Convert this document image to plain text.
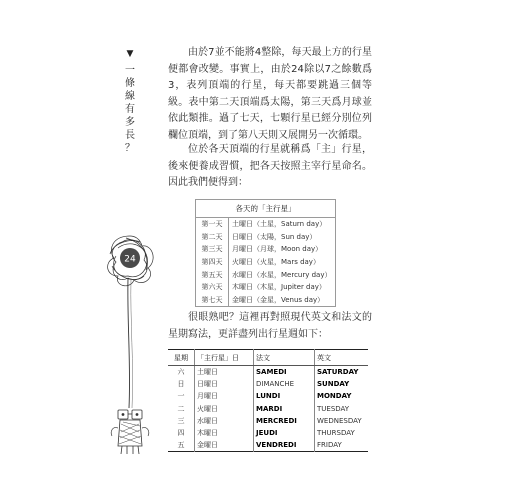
▼
一
條
線
有
多
長
？

由於7並不能將4整除，每天最上方的行星便都會改變。事實上，由於24除以7之餘數爲3，表列頂端的行星，每天都要跳過三個等級。表中第二天頂端爲太陽，第三天爲月球並依此類推。過了七天，七顆行星已經分別位列欄位頂端，到了第八天則又展開另一次循環。

位於各天頂端的行星就稱爲「主」行星，後來便養成習慣，把各天按照主宰行星命名。因此我們便得到：

各天的「主行星」	
第一天	土曜日（土星，Saturn day）
第二天	日曜日（太陽，Sun day）
第三天	月曜日（月球，Moon day）
第四天	火曜日（火星，Mars day）
第五天	水曜日（水星，Mercury day）
第六天	木曜日（木星，Jupiter day）
第七天	金曜日（金星，Venus day）

很眼熟吧？這裡再對照現代英文和法文的星期寫法，更詳盡列出行星週如下：

星期	「主行星」日	法文	英文
六	土曜日	SAMEDI	SATURDAY
日	日曜日	DIMANCHE	SUNDAY
一	月曜日	LUNDI	MONDAY
二	火曜日	MARDI	TUESDAY
三	水曜日	MERCREDI	WEDNESDAY
四	木曜日	JEUDI	THURSDAY
五	金曜日	VENDREDI	FRIDAY
24
